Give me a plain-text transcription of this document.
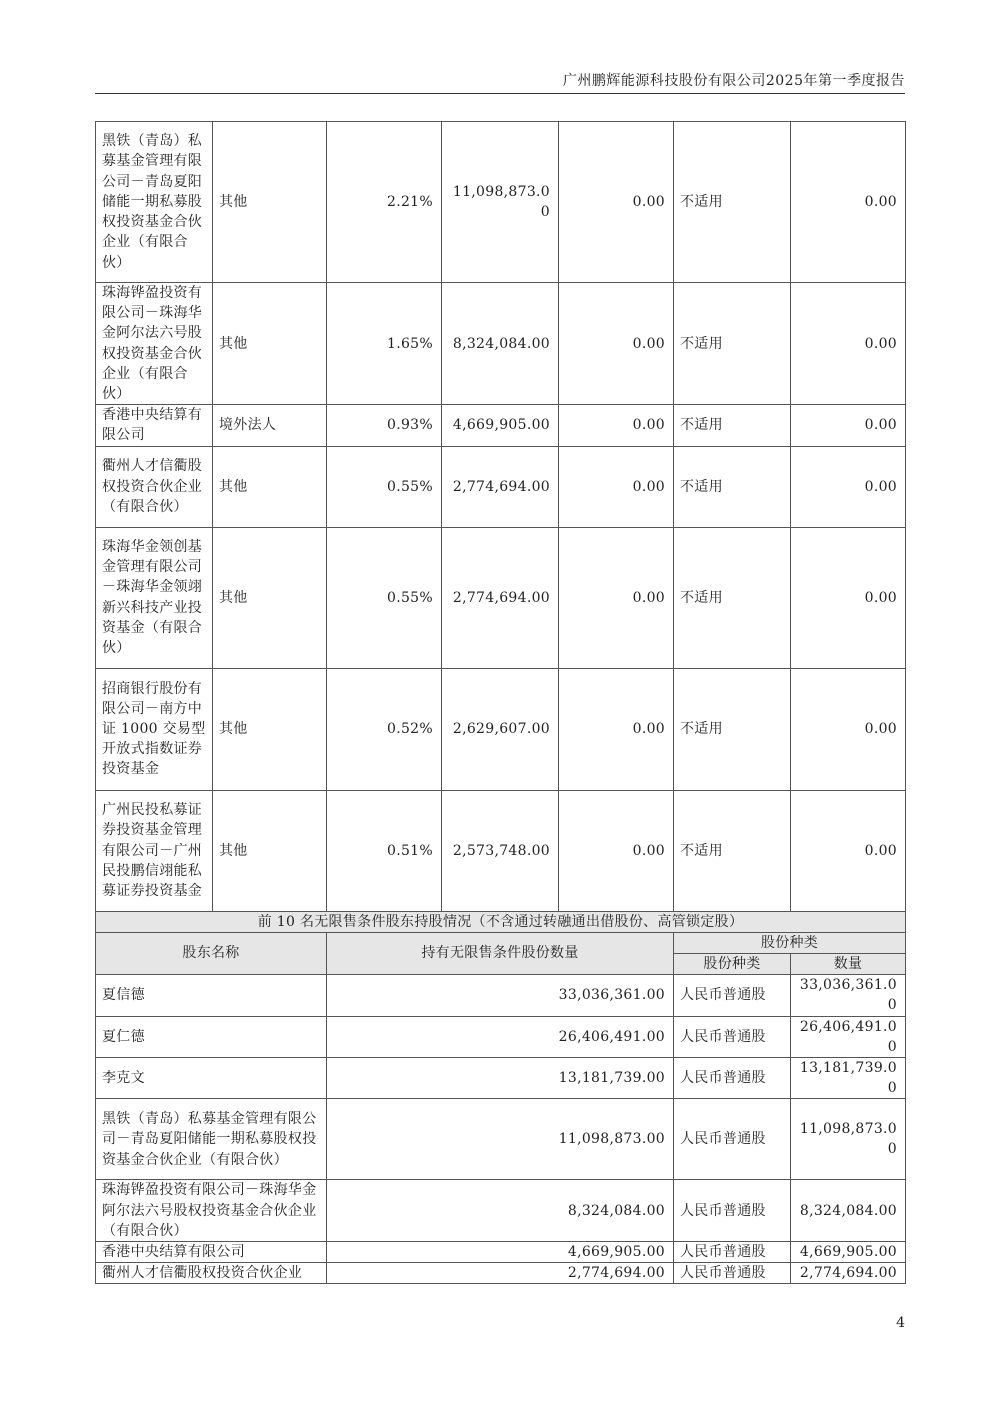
广州鹏辉能源科技股份有限公司2025年第一季度报告
黑铁（青岛）私募基金管理有限公司－青岛夏阳储能一期私募股权投资基金合伙企业（有限合伙）	其他	2.21%	11,098,873.00	0.00	不适用	0.00
珠海铧盈投资有限公司－珠海华金阿尔法六号股权投资基金合伙企业（有限合伙）	其他	1.65%	8,324,084.00	0.00	不适用	0.00
香港中央结算有限公司	境外法人	0.93%	4,669,905.00	0.00	不适用	0.00
衢州人才信衢股权投资合伙企业（有限合伙）	其他	0.55%	2,774,694.00	0.00	不适用	0.00
珠海华金领创基金管理有限公司－珠海华金领翊新兴科技产业投资基金（有限合伙）	其他	0.55%	2,774,694.00	0.00	不适用	0.00
招商银行股份有限公司－南方中证 1000 交易型开放式指数证券投资基金	其他	0.52%	2,629,607.00	0.00	不适用	0.00
广州民投私募证券投资基金管理有限公司－广州民投鹏信翊能私募证券投资基金	其他	0.51%	2,573,748.00	0.00	不适用	0.00
前 10 名无限售条件股东持股情况（不含通过转融通出借股份、高管锁定股）						
股东名称		持有无限售条件股份数量			股份种类	
					股份种类	数量
夏信德		33,036,361.00			人民币普通股	33,036,361.00
夏仁德		26,406,491.00			人民币普通股	26,406,491.00
李克文		13,181,739.00			人民币普通股	13,181,739.00
黑铁（青岛）私募基金管理有限公司－青岛夏阳储能一期私募股权投资基金合伙企业（有限合伙）		11,098,873.00			人民币普通股	11,098,873.00
珠海铧盈投资有限公司－珠海华金阿尔法六号股权投资基金合伙企业（有限合伙）		8,324,084.00			人民币普通股	8,324,084.00
香港中央结算有限公司		4,669,905.00			人民币普通股	4,669,905.00
衢州人才信衢股权投资合伙企业		2,774,694.00			人民币普通股	2,774,694.00
4
